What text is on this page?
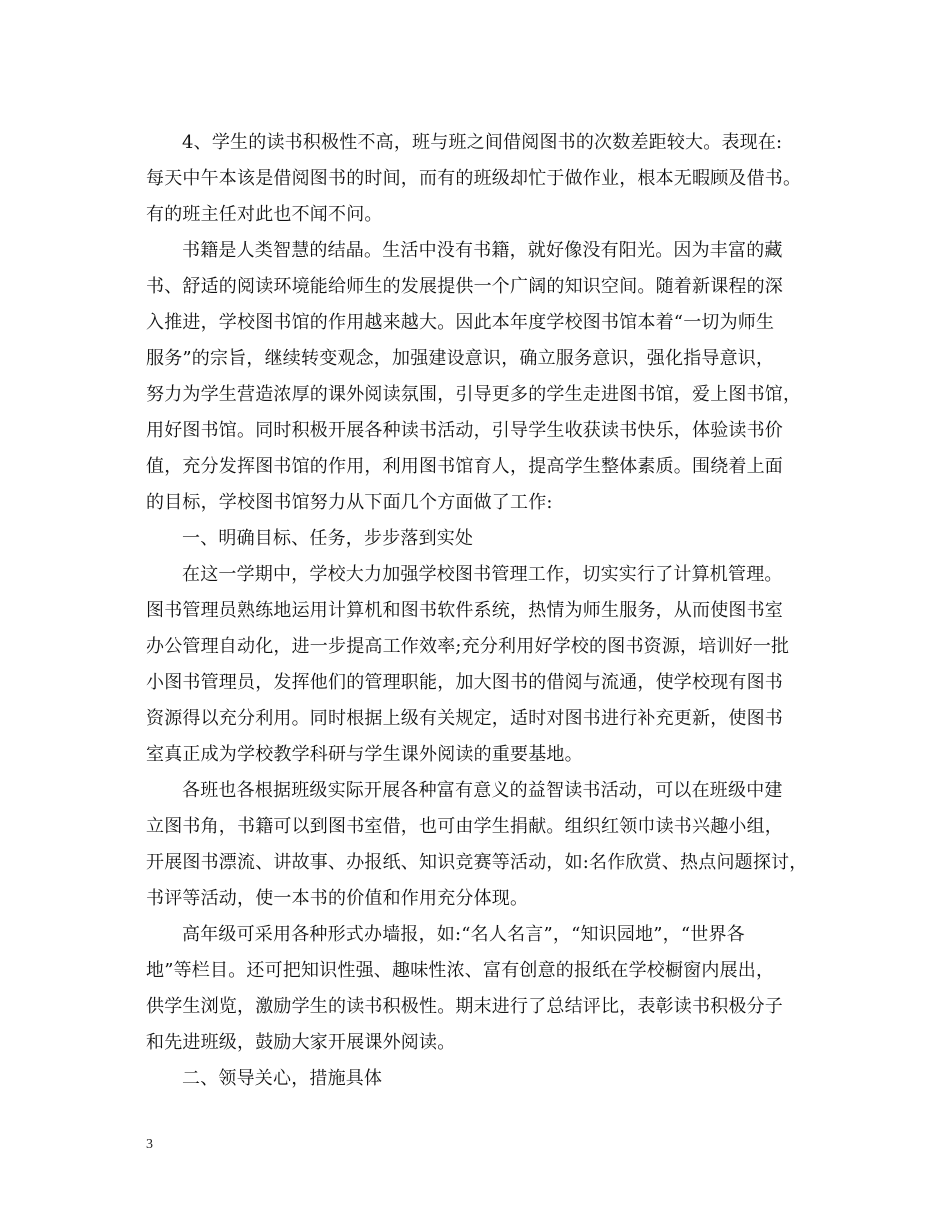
4、学生的读书积极性不高，班与班之间借阅图书的次数差距较大。表现在:
每天中午本该是借阅图书的时间，而有的班级却忙于做作业，根本无暇顾及借书。
有的班主任对此也不闻不问。
书籍是人类智慧的结晶。生活中没有书籍，就好像没有阳光。因为丰富的藏
书、舒适的阅读环境能给师生的发展提供一个广阔的知识空间。随着新课程的深
入推进，学校图书馆的作用越来越大。因此本年度学校图书馆本着“一切为师生
服务”的宗旨，继续转变观念，加强建设意识，确立服务意识，强化指导意识，
努力为学生营造浓厚的课外阅读氛围，引导更多的学生走进图书馆，爱上图书馆，
用好图书馆。同时积极开展各种读书活动，引导学生收获读书快乐，体验读书价
值，充分发挥图书馆的作用，利用图书馆育人，提高学生整体素质。围绕着上面
的目标，学校图书馆努力从下面几个方面做了工作:
一、明确目标、任务，步步落到实处
在这一学期中，学校大力加强学校图书管理工作，切实实行了计算机管理。
图书管理员熟练地运用计算机和图书软件系统，热情为师生服务，从而使图书室
办公管理自动化，进一步提高工作效率;充分利用好学校的图书资源，培训好一批
小图书管理员，发挥他们的管理职能，加大图书的借阅与流通，使学校现有图书
资源得以充分利用。同时根据上级有关规定，适时对图书进行补充更新，使图书
室真正成为学校教学科研与学生课外阅读的重要基地。
各班也各根据班级实际开展各种富有意义的益智读书活动，可以在班级中建
立图书角，书籍可以到图书室借，也可由学生捐献。组织红领巾读书兴趣小组，
开展图书漂流、讲故事、办报纸、知识竞赛等活动，如:名作欣赏、热点问题探讨，
书评等活动，使一本书的价值和作用充分体现。
高年级可采用各种形式办墙报，如:“名人名言”，“知识园地”，“世界各
地”等栏目。还可把知识性强、趣味性浓、富有创意的报纸在学校橱窗内展出，
供学生浏览，激励学生的读书积极性。期末进行了总结评比，表彰读书积极分子
和先进班级，鼓励大家开展课外阅读。
二、领导关心，措施具体
3
